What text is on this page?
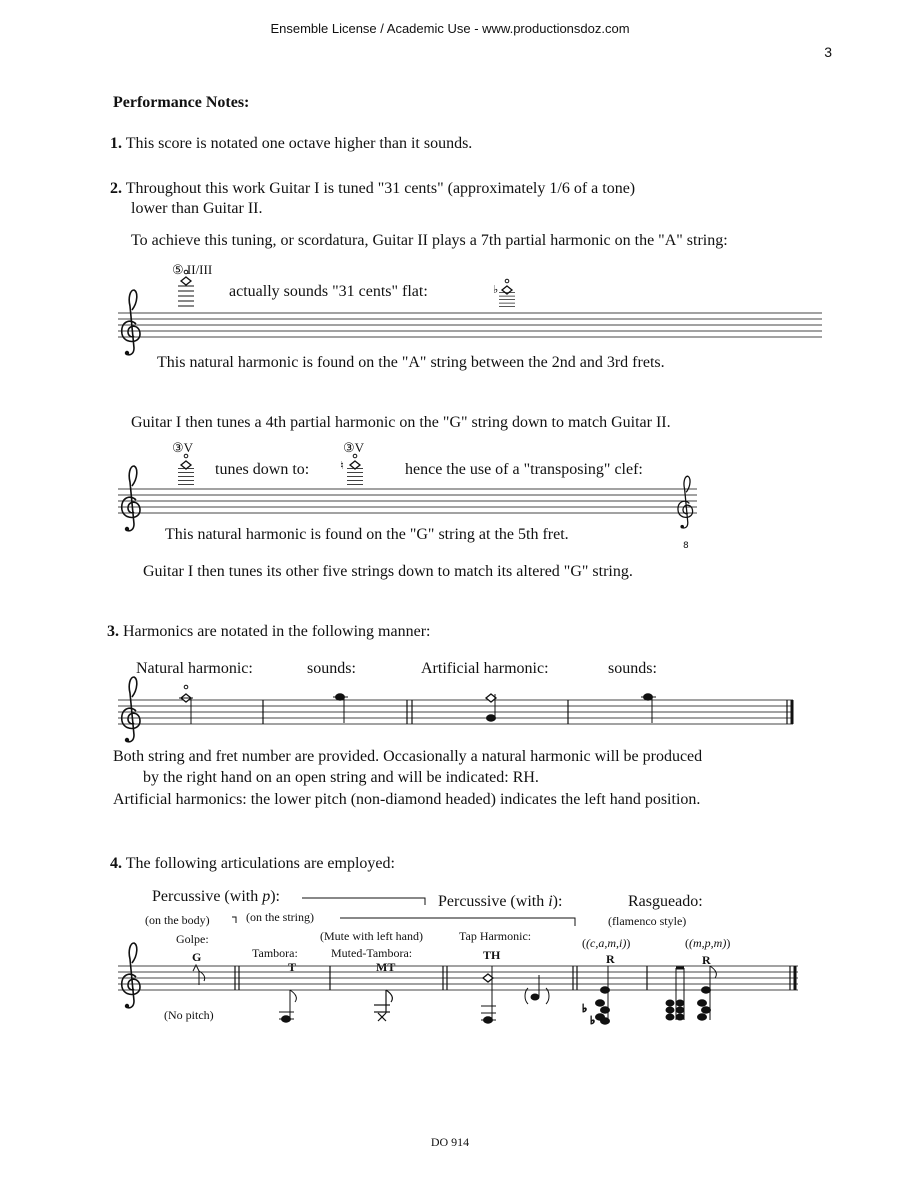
Ensemble License / Academic Use - www.productionsdoz.com
3
Performance Notes:
1. This score is notated one octave higher than it sounds.
2. Throughout this work Guitar I is tuned "31 cents" (approximately 1/6 of a tone)
lower than Guitar II.
To achieve this tuning, or scordatura, Guitar II plays a 7th partial harmonic on the "A" string:
⑤ II/III
actually sounds "31 cents" flat:
This natural harmonic is found on the "A" string between the 2nd and 3rd frets.
Guitar I then tunes a 4th partial harmonic on the "G" string down to match Guitar II.
③V	③V
tunes down to:	hence the use of a "transposing" clef:
This natural harmonic is found on the "G" string at the 5th fret.
Guitar I then tunes its other five strings down to match its altered "G" string.
3. Harmonics are notated in the following manner:
Natural harmonic:	sounds:	Artificial harmonic:	sounds:
Both string and fret number are provided. Occasionally a natural harmonic will be produced
by the right hand on an open string and will be indicated: RH.
Artificial harmonics: the lower pitch (non-diamond headed) indicates the left hand position.
4. The following articulations are employed:
Percussive (with p):	Percussive (with i):	Rasgueado:
(flamenco style)
(on the body)	(on the string)
(Mute with left hand)
Golpe:	Tap Harmonic:	((c,a,m,i))	((m,p,m))
Tambora:	Muted-Tambora:
G
T	MT
TH	R	R
(No pitch)
♭
8
♮
♭
♭
DO 914
